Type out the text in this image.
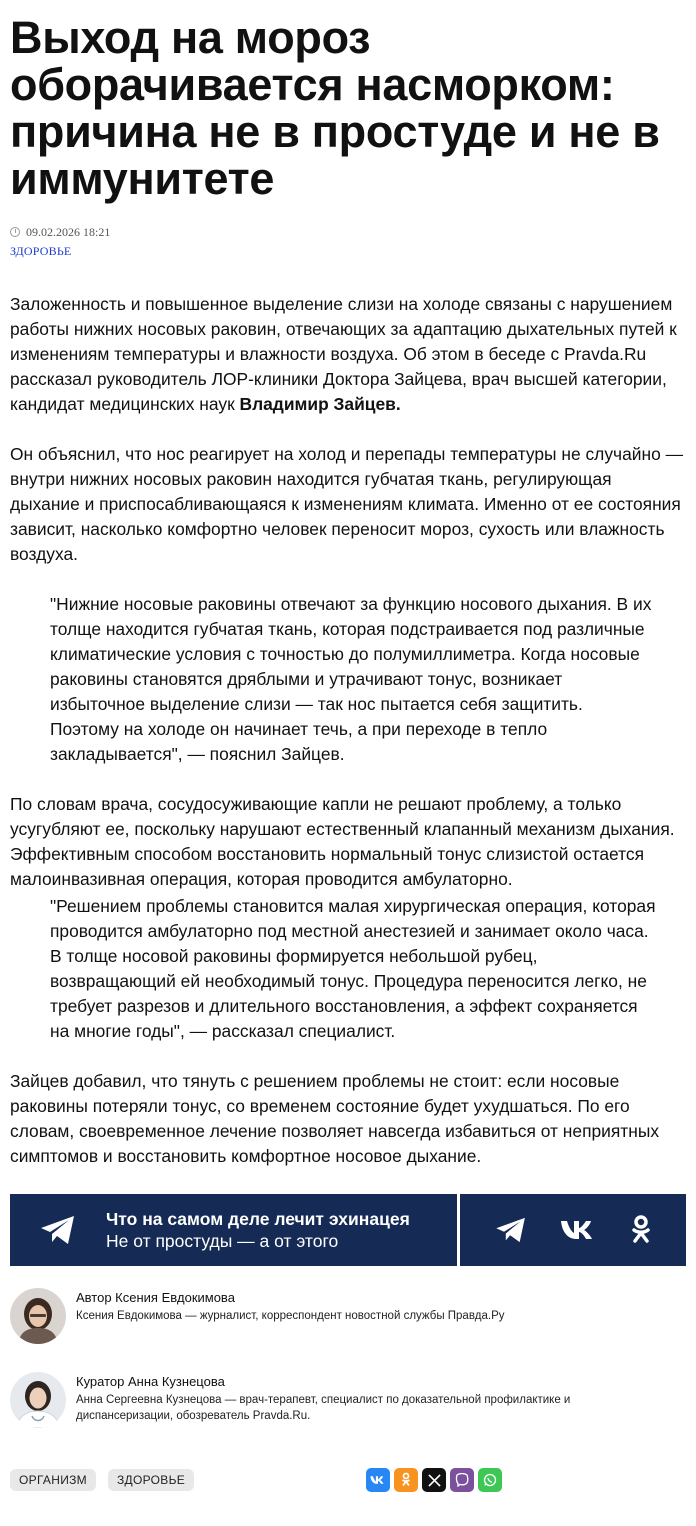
Выход на мороз оборачивается насморком: причина не в простуде и не в иммунитете
09.02.2026 18:21
ЗДОРОВЬЕ

Заложенность и повышенное выделение слизи на холоде связаны с нарушением работы нижних носовых раковин, отвечающих за адаптацию дыхательных путей к изменениям температуры и влажности воздуха. Об этом в беседе с Pravda.Ru рассказал руководитель ЛОР-клиники Доктора Зайцева, врач высшей категории, кандидат медицинских наук Владимир Зайцев.

Он объяснил, что нос реагирует на холод и перепады температуры не случайно — внутри нижних носовых раковин находится губчатая ткань, регулирующая дыхание и приспосабливающаяся к изменениям климата. Именно от ее состояния зависит, насколько комфортно человек переносит мороз, сухость или влажность воздуха.

"Нижние носовые раковины отвечают за функцию носового дыхания. В их толще находится губчатая ткань, которая подстраивается под различные климатические условия с точностью до полумиллиметра. Когда носовые раковины становятся дряблыми и утрачивают тонус, возникает избыточное выделение слизи — так нос пытается себя защитить. Поэтому на холоде он начинает течь, а при переходе в тепло закладывается", — пояснил Зайцев.

По словам врача, сосудосуживающие капли не решают проблему, а только усугубляют ее, поскольку нарушают естественный клапанный механизм дыхания. Эффективным способом восстановить нормальный тонус слизистой остается малоинвазивная операция, которая проводится амбулаторно.

"Решением проблемы становится малая хирургическая операция, которая проводится амбулаторно под местной анестезией и занимает около часа. В толще носовой раковины формируется небольшой рубец, возвращающий ей необходимый тонус. Процедура переносится легко, не требует разрезов и длительного восстановления, а эффект сохраняется на многие годы", — рассказал специалист.

Зайцев добавил, что тянуть с решением проблемы не стоит: если носовые раковины потеряли тонус, со временем состояние будет ухудшаться. По его словам, своевременное лечение позволяет навсегда избавиться от неприятных симптомов и восстановить комфортное носовое дыхание.

Что на самом деле лечит эхинацея
Не от простуды — а от этого
Автор Ксения Евдокимова
Ксения Евдокимова — журналист, корреспондент новостной службы Правда.Ру
Куратор Анна Кузнецова
Анна Сергеевна Кузнецова — врач-терапевт, специалист по доказательной профилактике и диспансеризации, обозреватель Pravda.Ru.
ОРГАНИЗМ	ЗДОРОВЬЕ
